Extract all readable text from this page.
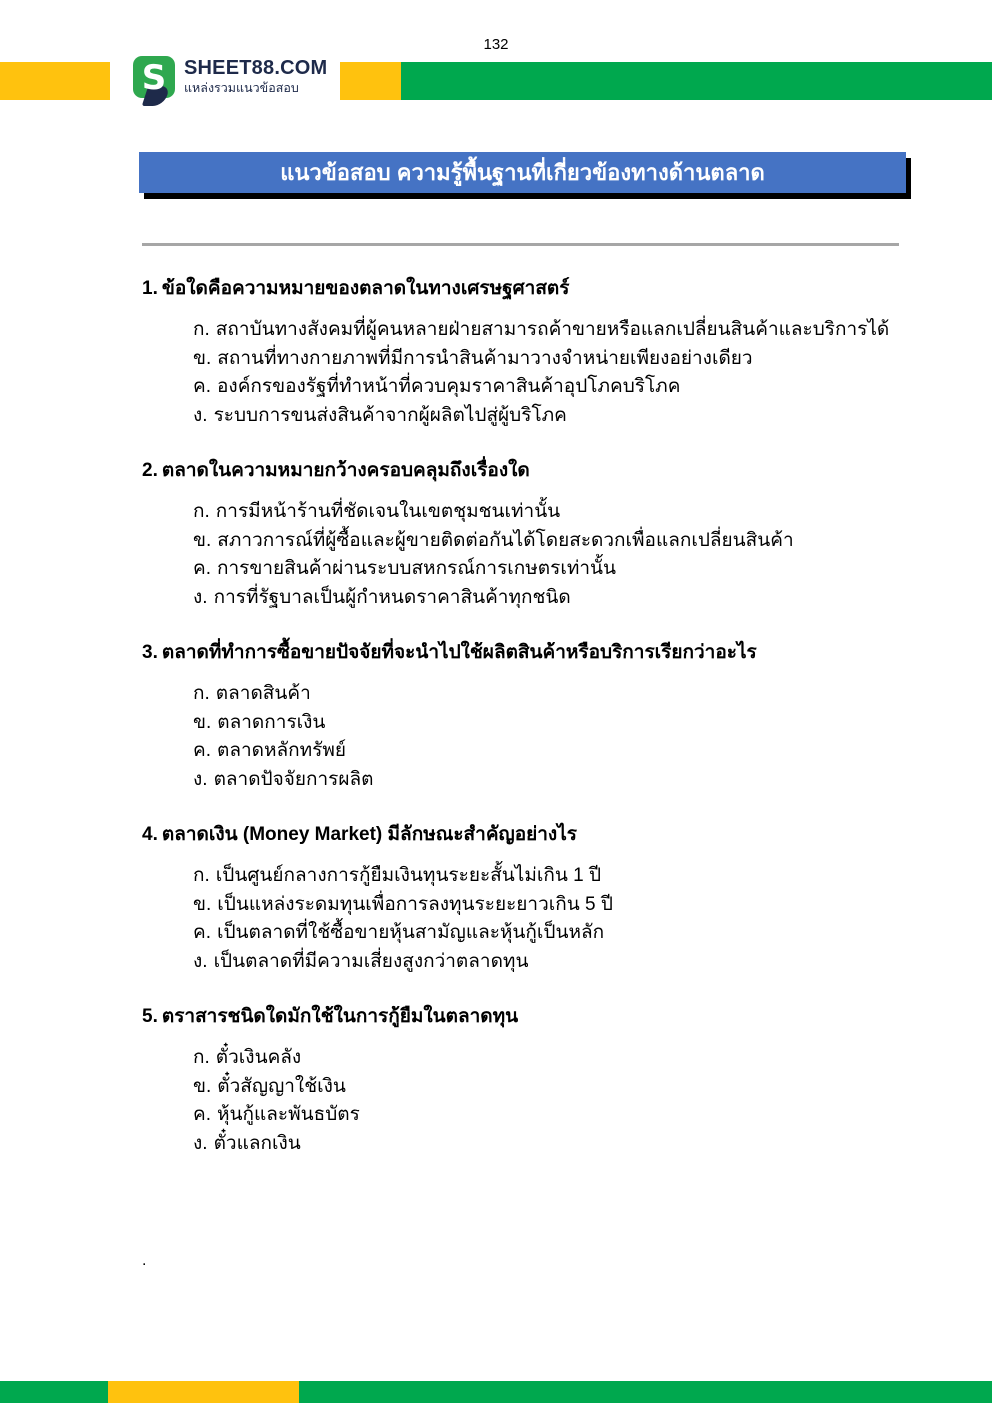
132
S SHEET88.COM
แหล่งรวมแนวข้อสอบ
แนวข้อสอบ ความรู้พื้นฐานที่เกี่ยวข้องทางด้านตลาด
1. ข้อใดคือความหมายของตลาดในทางเศรษฐศาสตร์
ก. สถาบันทางสังคมที่ผู้คนหลายฝ่ายสามารถค้าขายหรือแลกเปลี่ยนสินค้าและบริการได้
ข. สถานที่ทางกายภาพที่มีการนำสินค้ามาวางจำหน่ายเพียงอย่างเดียว
ค. องค์กรของรัฐที่ทำหน้าที่ควบคุมราคาสินค้าอุปโภคบริโภค
ง. ระบบการขนส่งสินค้าจากผู้ผลิตไปสู่ผู้บริโภค
2. ตลาดในความหมายกว้างครอบคลุมถึงเรื่องใด
ก. การมีหน้าร้านที่ชัดเจนในเขตชุมชนเท่านั้น
ข. สภาวการณ์ที่ผู้ซื้อและผู้ขายติดต่อกันได้โดยสะดวกเพื่อแลกเปลี่ยนสินค้า
ค. การขายสินค้าผ่านระบบสหกรณ์การเกษตรเท่านั้น
ง. การที่รัฐบาลเป็นผู้กำหนดราคาสินค้าทุกชนิด
3. ตลาดที่ทำการซื้อขายปัจจัยที่จะนำไปใช้ผลิตสินค้าหรือบริการเรียกว่าอะไร
ก. ตลาดสินค้า
ข. ตลาดการเงิน
ค. ตลาดหลักทรัพย์
ง. ตลาดปัจจัยการผลิต
4. ตลาดเงิน (Money Market) มีลักษณะสำคัญอย่างไร
ก. เป็นศูนย์กลางการกู้ยืมเงินทุนระยะสั้นไม่เกิน 1 ปี
ข. เป็นแหล่งระดมทุนเพื่อการลงทุนระยะยาวเกิน 5 ปี
ค. เป็นตลาดที่ใช้ซื้อขายหุ้นสามัญและหุ้นกู้เป็นหลัก
ง. เป็นตลาดที่มีความเสี่ยงสูงกว่าตลาดทุน
5. ตราสารชนิดใดมักใช้ในการกู้ยืมในตลาดทุน
ก. ตั๋วเงินคลัง
ข. ตั๋วสัญญาใช้เงิน
ค. หุ้นกู้และพันธบัตร
ง. ตั๋วแลกเงิน
.
